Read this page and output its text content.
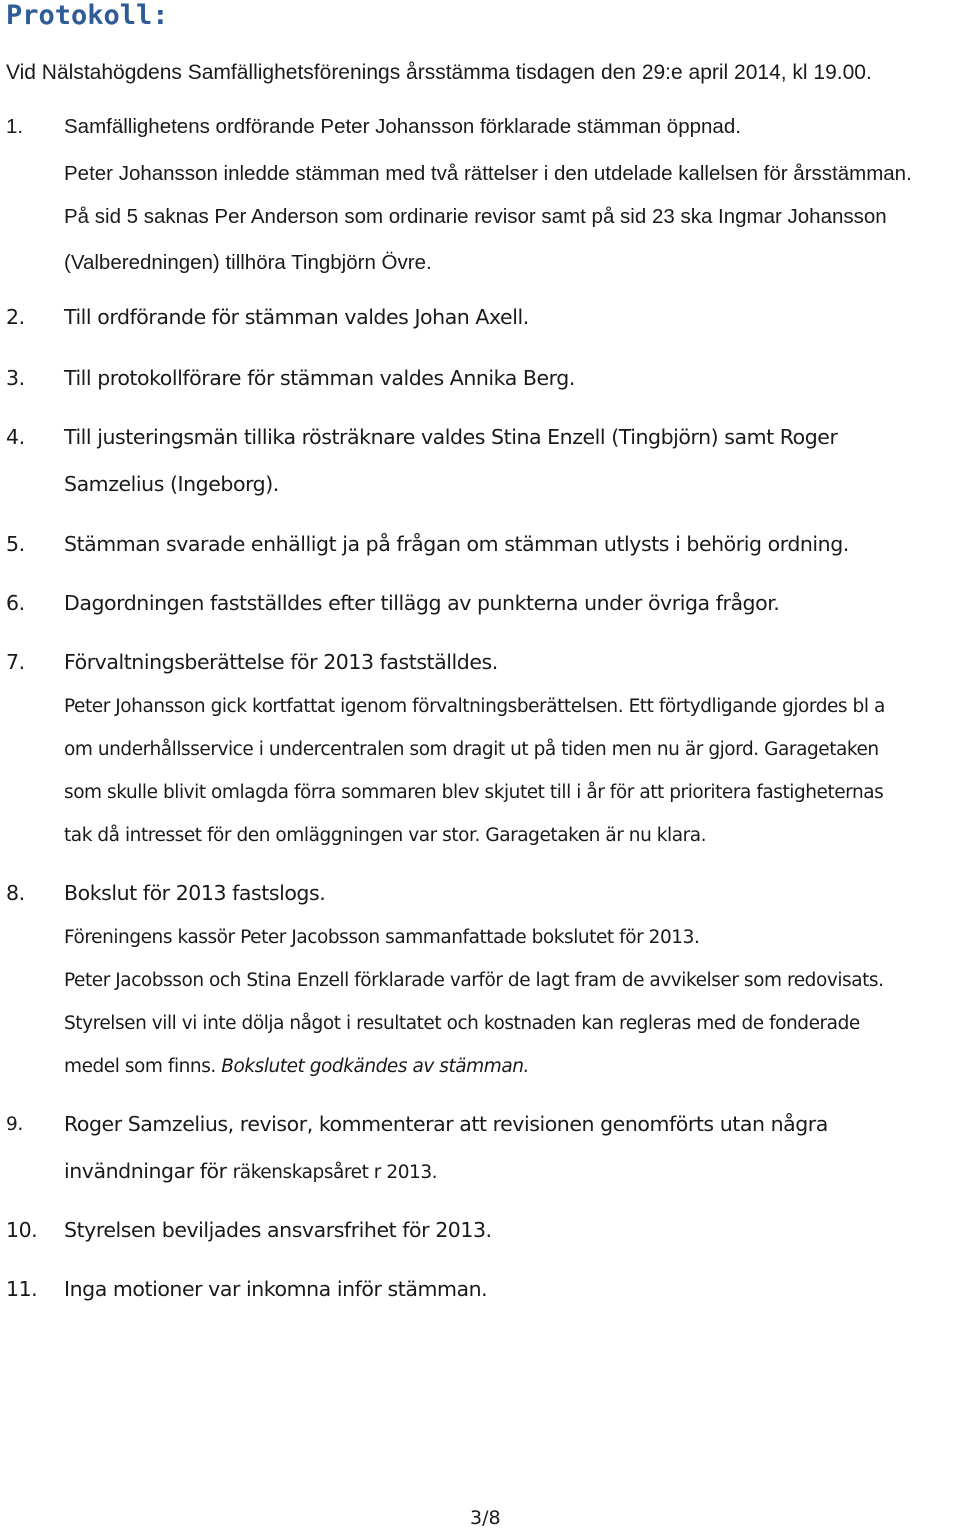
Protokoll:
Vid Nälstahögdens Samfällighetsförenings årsstämma tisdagen den 29:e april 2014, kl 19.00.
1. Samfällighetens ordförande Peter Johansson förklarade stämman öppnad.
Peter Johansson inledde stämman med två rättelser i den utdelade kallelsen för årsstämman.
På sid 5 saknas Per Anderson som ordinarie revisor samt på sid 23 ska Ingmar Johansson
(Valberedningen) tillhöra Tingbjörn Övre.
2. Till ordförande för stämman valdes Johan Axell.
3. Till protokollförare för stämman valdes Annika Berg.
4. Till justeringsmän tillika rösträknare valdes Stina Enzell (Tingbjörn) samt Roger
Samzelius (Ingeborg).
5. Stämman svarade enhälligt ja på frågan om stämman utlysts i behörig ordning.
6. Dagordningen fastställdes efter tillägg av punkterna under övriga frågor.
7. Förvaltningsberättelse för 2013 fastställdes.
Peter Johansson gick kortfattat igenom förvaltningsberättelsen. Ett förtydligande gjordes bl a
om underhållsservice i undercentralen som dragit ut på tiden men nu är gjord. Garagetaken
som skulle blivit omlagda förra sommaren blev skjutet till i år för att prioritera fastigheternas
tak då intresset för den omläggningen var stor. Garagetaken är nu klara.
8. Bokslut för 2013 fastslogs.
Föreningens kassör Peter Jacobsson sammanfattade bokslutet för 2013.
Peter Jacobsson och Stina Enzell förklarade varför de lagt fram de avvikelser som redovisats.
Styrelsen vill vi inte dölja något i resultatet och kostnaden kan regleras med de fonderade
medel som finns. Bokslutet godkändes av stämman.
9. Roger Samzelius, revisor, kommenterar att revisionen genomförts utan några
invändningar för räkenskapsåret r 2013.
10. Styrelsen beviljades ansvarsfrihet för 2013.
11. Inga motioner var inkomna inför stämman.
3/8
